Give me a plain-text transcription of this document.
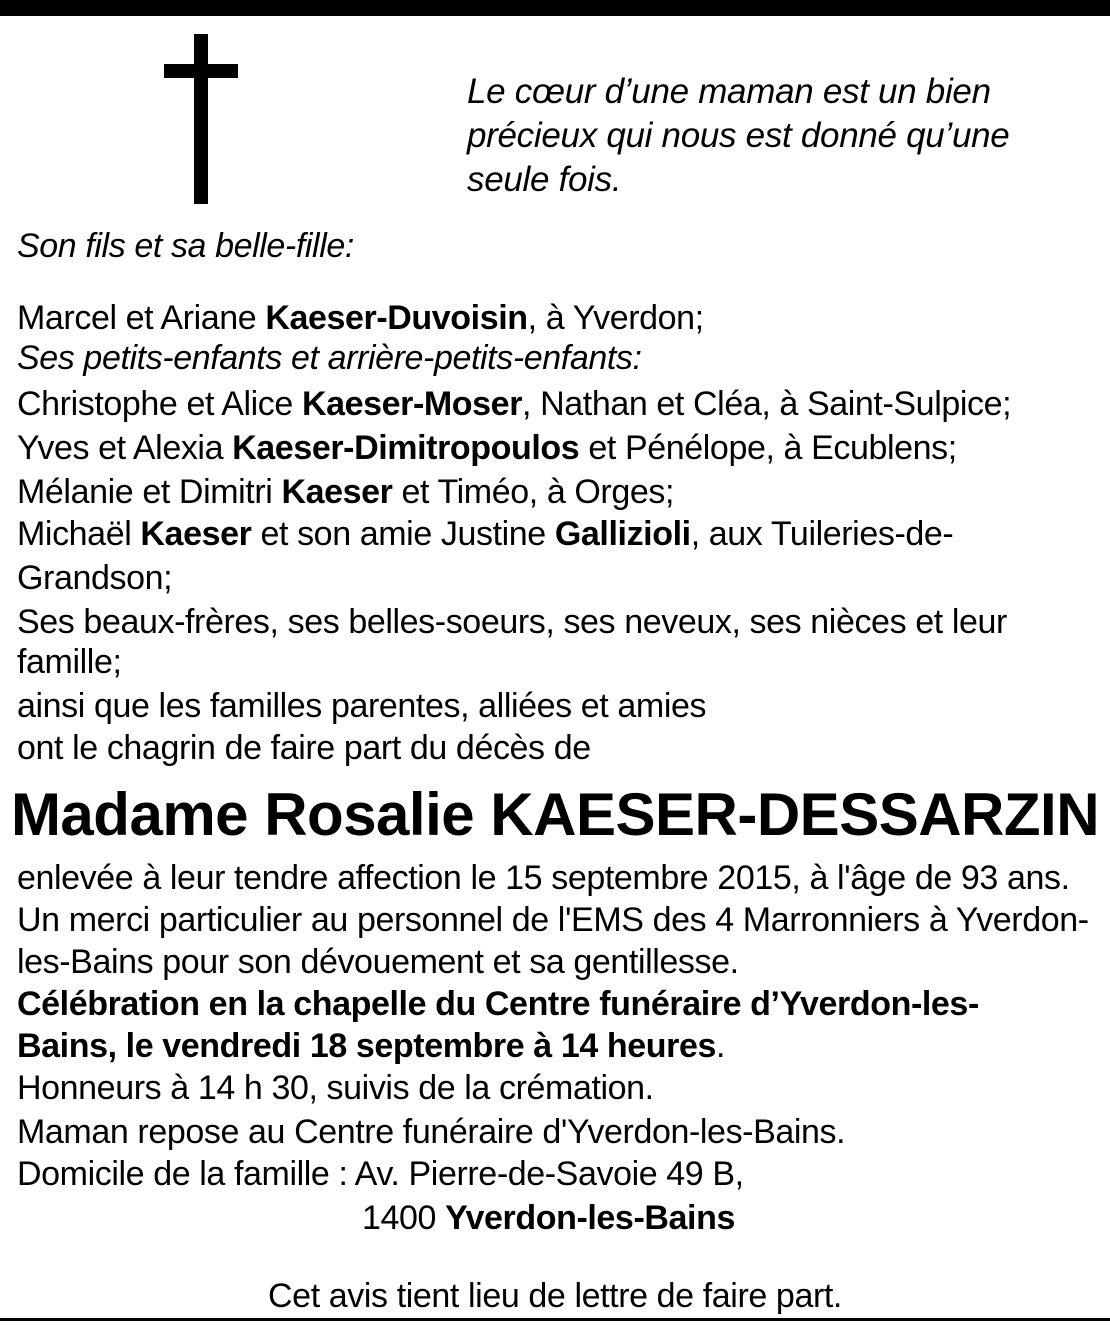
Le cœur d’une maman est un bien
précieux qui nous est donné qu’une
seule fois.
Son fils et sa belle-fille:
Marcel et Ariane Kaeser-Duvoisin, à Yverdon;
Ses petits-enfants et arrière-petits-enfants:
Christophe et Alice Kaeser-Moser, Nathan et Cléa, à Saint-Sulpice;
Yves et Alexia Kaeser-Dimitropoulos et Pénélope, à Ecublens;
Mélanie et Dimitri Kaeser et Timéo, à Orges;
Michaël Kaeser et son amie Justine Gallizioli, aux Tuileries-de-
Grandson;
Ses beaux-frères, ses belles-soeurs, ses neveux, ses nièces et leur
famille;
ainsi que les familles parentes, alliées et amies
ont le chagrin de faire part du décès de
Madame Rosalie KAESER-DESSARZIN
enlevée à leur tendre affection le 15 septembre 2015, à l'âge de 93 ans.
Un merci particulier au personnel de l'EMS des 4 Marronniers à Yverdon-
les-Bains pour son dévouement et sa gentillesse.
Célébration en la chapelle du Centre funéraire d’Yverdon-les-
Bains, le vendredi 18 septembre à 14 heures.
Honneurs à 14 h 30, suivis de la crémation.
Maman repose au Centre funéraire d'Yverdon-les-Bains.
Domicile de la famille : Av. Pierre-de-Savoie 49 B,
1400 Yverdon-les-Bains
Cet avis tient lieu de lettre de faire part.
